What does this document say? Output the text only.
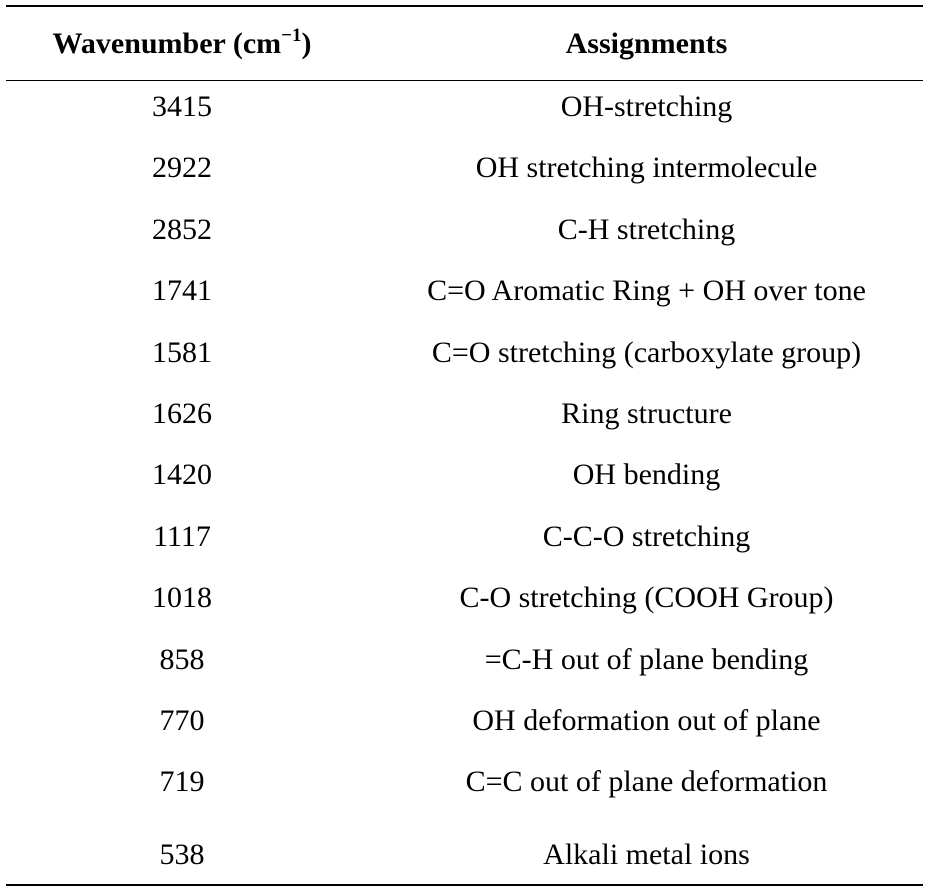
Wavenumber $(cm^{-1})$	Assignments
3415	OH-stretching
2922	OH stretching intermolecule
2852	C-H stretching
1741	C=O Aromatic Ring + OH over tone
1581	C=O stretching (carboxylate group)
1626	Ring structure
1420	OH bending
1117	C-C-O stretching
1018	C-O stretching (COOH Group)
858	=C-H out of plane bending
770	OH deformation out of plane
719	C=C out of plane deformation
538	Alkali metal ions
